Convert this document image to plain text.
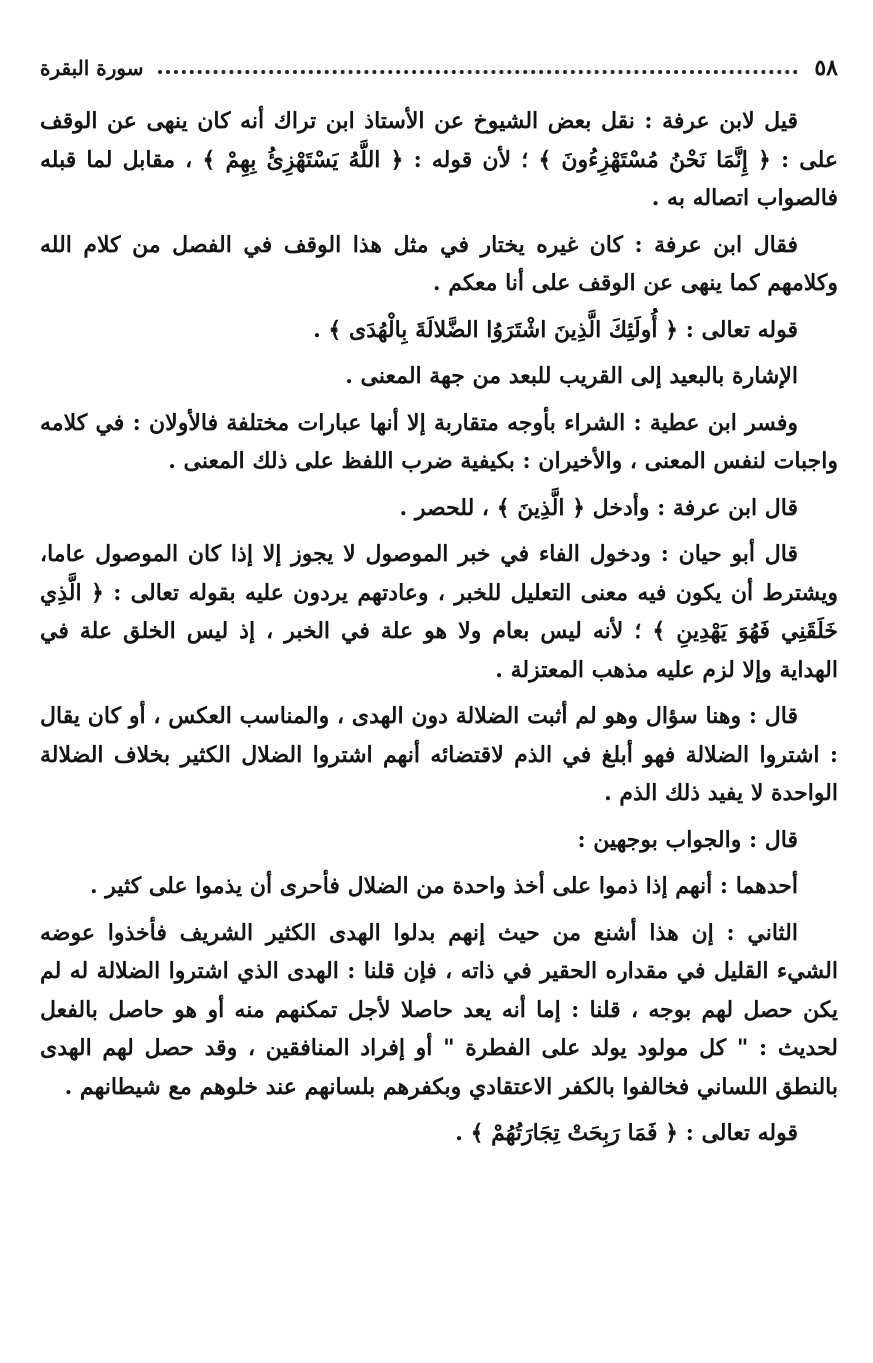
٥٨
سورة البقرة

قيل لابن عرفة : نقل بعض الشيوخ عن الأستاذ ابن تراك أنه كان ينهى عن الوقف على : ﴿ إِنَّمَا نَحْنُ مُسْتَهْزِءُونَ ﴾ ؛ لأن قوله : ﴿ اللَّهُ يَسْتَهْزِئُ بِهِمْ ﴾ ، مقابل لما قبله فالصواب اتصاله به .

فقال ابن عرفة : كان غيره يختار في مثل هذا الوقف في الفصل من كلام الله وكلامهم كما ينهى عن الوقف على أنا معكم .

قوله تعالى : ﴿ أُولَئِكَ الَّذِينَ اشْتَرَوُا الضَّلالَةَ بِالْهُدَى ﴾ .

الإشارة بالبعيد إلى القريب للبعد من جهة المعنى .

وفسر ابن عطية : الشراء بأوجه متقاربة إلا أنها عبارات مختلفة فالأولان : في كلامه واجبات لنفس المعنى ، والأخيران : بكيفية ضرب اللفظ على ذلك المعنى .

قال ابن عرفة : وأدخل ﴿ الَّذِينَ ﴾ ، للحصر .

قال أبو حيان : ودخول الفاء في خبر الموصول لا يجوز إلا إذا كان الموصول عاما، ويشترط أن يكون فيه معنى التعليل للخبر ، وعادتهم يردون عليه بقوله تعالى : ﴿ الَّذِي خَلَقَنِي فَهُوَ يَهْدِينِ ﴾ ؛ لأنه ليس بعام ولا هو علة في الخبر ، إذ ليس الخلق علة في الهداية وإلا لزم عليه مذهب المعتزلة .

قال : وهنا سؤال وهو لم أثبت الضلالة دون الهدى ، والمناسب العكس ، أو كان يقال : اشتروا الضلالة فهو أبلغ في الذم لاقتضائه أنهم اشتروا الضلال الكثير بخلاف الضلالة الواحدة لا يفيد ذلك الذم .

قال : والجواب بوجهين :

أحدهما : أنهم إذا ذموا على أخذ واحدة من الضلال فأحرى أن يذموا على كثير .

الثاني : إن هذا أشنع من حيث إنهم بدلوا الهدى الكثير الشريف فأخذوا عوضه الشيء القليل في مقداره الحقير في ذاته ، فإن قلنا : الهدى الذي اشتروا الضلالة له لم يكن حصل لهم بوجه ، قلنا : إما أنه يعد حاصلا لأجل تمكنهم منه أو هو حاصل بالفعل لحديث : " كل مولود يولد على الفطرة " أو إفراد المنافقين ، وقد حصل لهم الهدى بالنطق اللساني فخالفوا بالكفر الاعتقادي وبكفرهم بلسانهم عند خلوهم مع شيطانهم .

قوله تعالى : ﴿ فَمَا رَبِحَتْ تِجَارَتُهُمْ ﴾ .
